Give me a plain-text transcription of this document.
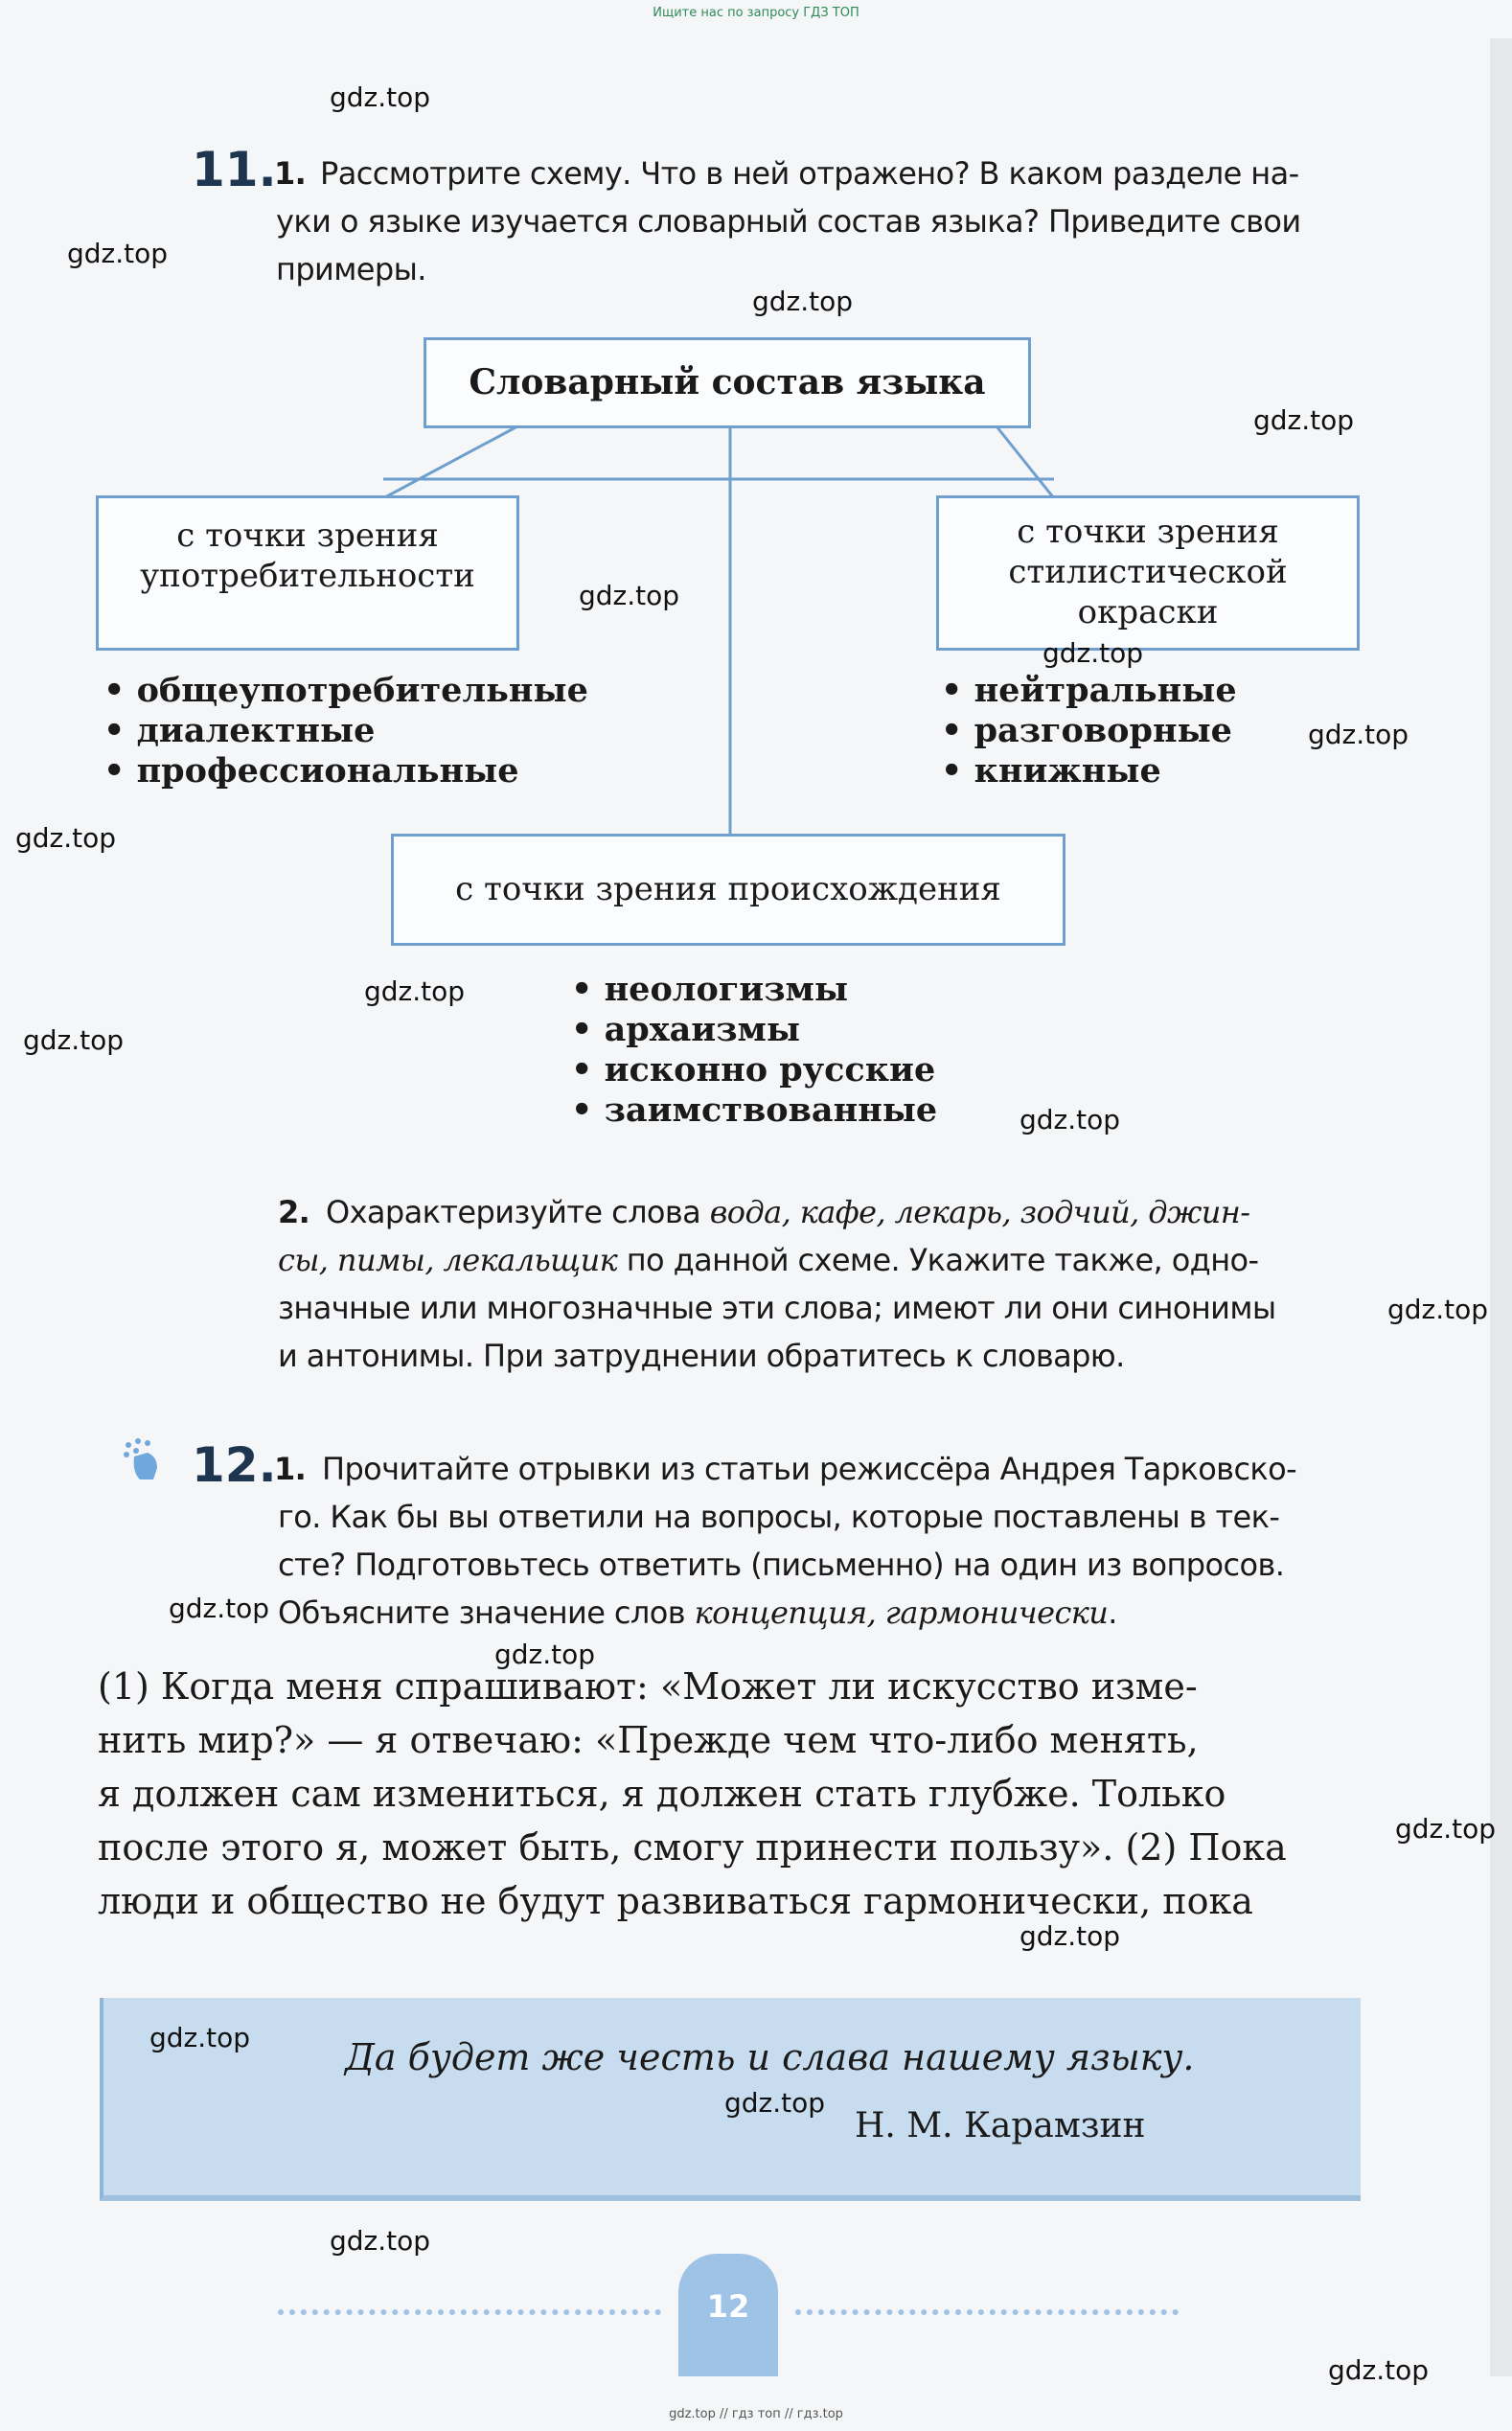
Ищите нас по запросу ГДЗ ТОП
11.
1. Рассмотрите схему. Что в ней отражено? В каком разделе на-
уки о языке изучается словарный состав языка? Приведите свои
примеры.
Словарный состав языка
с точки зрения
употребительности
с точки зрения
стилистической
окраски
• общеупотребительные
• диалектные
• профессиональные
• нейтральные
• разговорные
• книжные
с точки зрения происхождения
• неологизмы
• архаизмы
• исконно русские
• заимствованные
2. Охарактеризуйте слова вода, кафе, лекарь, зодчий, джин-
сы, пимы, лекальщик по данной схеме. Укажите также, одно-
значные или многозначные эти слова; имеют ли они синонимы
и антонимы. При затруднении обратитесь к словарю.
12.
1. Прочитайте отрывки из статьи режиссёра Андрея Тарковско-
го. Как бы вы ответили на вопросы, которые поставлены в тек-
сте? Подготовьтесь ответить (письменно) на один из вопросов.
Объясните значение слов концепция, гармонически.
(1) Когда меня спрашивают: «Может ли искусство изме-
нить мир?» — я отвечаю: «Прежде чем что-либо менять,
я должен сам измениться, я должен стать глубже. Только
после этого я, может быть, смогу принести пользу». (2) Пока
люди и общество не будут развиваться гармонически, пока
Да будет же честь и слава нашему языку.
Н. М. Карамзин
12
gdz.top
gdz.top
gdz.top
gdz.top
gdz.top
gdz.top
gdz.top
gdz.top
gdz.top
gdz.top
gdz.top
gdz.top
gdz.top
gdz.top
gdz.top
gdz.top
gdz.top
gdz.top
gdz.top
gdz.top
gdz.top // гдз топ // гдз.top
